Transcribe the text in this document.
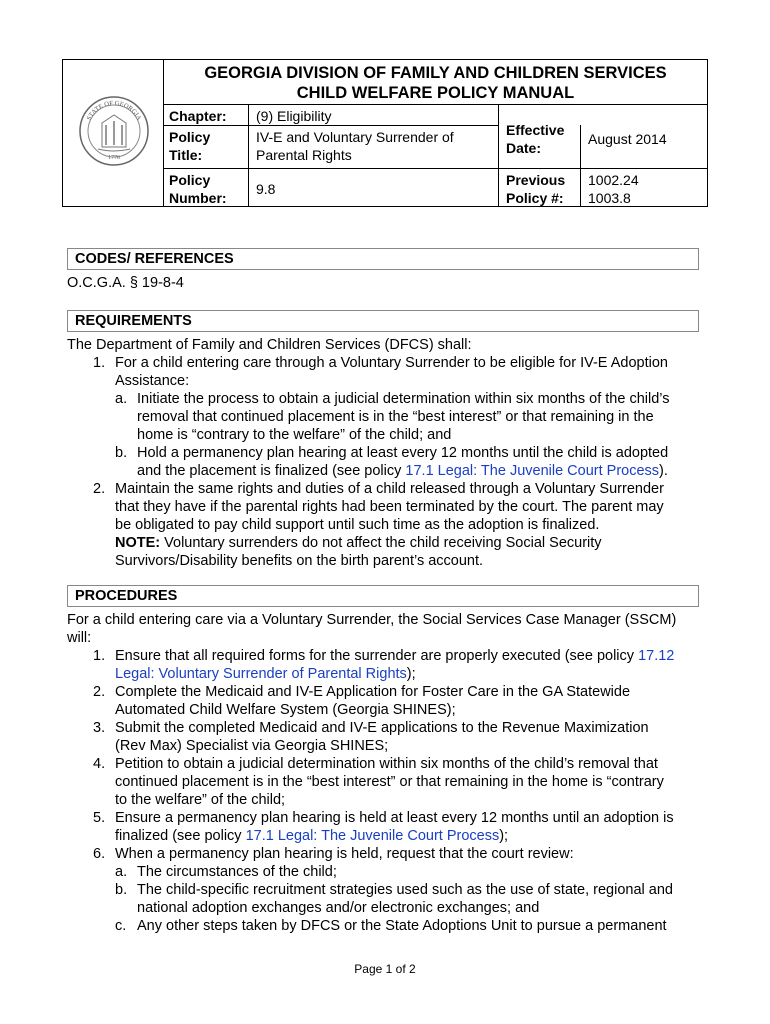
STATE OF GEORGIA
1776
GEORGIA DIVISION OF FAMILY AND CHILDREN SERVICES
CHILD WELFARE POLICY MANUAL
Chapter:
Policy
Title:
Policy
Number:
(9) Eligibility
IV-E and Voluntary Surrender of
Parental Rights
9.8
Effective
Date:
August 2014
Previous
Policy #:
1002.24
1003.8
CODES/ REFERENCES
O.C.G.A. § 19-8-4
REQUIREMENTS
The Department of Family and Children Services (DFCS) shall:
1. For a child entering care through a Voluntary Surrender to be eligible for IV-E Adoption
Assistance:
a. Initiate the process to obtain a judicial determination within six months of the child’s
removal that continued placement is in the “best interest” or that remaining in the
home is “contrary to the welfare” of the child; and
b. Hold a permanency plan hearing at least every 12 months until the child is adopted
and the placement is finalized (see policy 17.1 Legal: The Juvenile Court Process).
2. Maintain the same rights and duties of a child released through a Voluntary Surrender
that they have if the parental rights had been terminated by the court. The parent may
be obligated to pay child support until such time as the adoption is finalized.
NOTE: Voluntary surrenders do not affect the child receiving Social Security
Survivors/Disability benefits on the birth parent’s account.
PROCEDURES
For a child entering care via a Voluntary Surrender, the Social Services Case Manager (SSCM)
will:
1. Ensure that all required forms for the surrender are properly executed (see policy 17.12
Legal: Voluntary Surrender of Parental Rights);
2. Complete the Medicaid and IV-E Application for Foster Care in the GA Statewide
Automated Child Welfare System (Georgia SHINES);
3. Submit the completed Medicaid and IV-E applications to the Revenue Maximization
(Rev Max) Specialist via Georgia SHINES;
4. Petition to obtain a judicial determination within six months of the child’s removal that
continued placement is in the “best interest” or that remaining in the home is “contrary
to the welfare” of the child;
5. Ensure a permanency plan hearing is held at least every 12 months until an adoption is
finalized (see policy 17.1 Legal: The Juvenile Court Process);
6. When a permanency plan hearing is held, request that the court review:
a. The circumstances of the child;
b. The child-specific recruitment strategies used such as the use of state, regional and
national adoption exchanges and/or electronic exchanges; and
c. Any other steps taken by DFCS or the State Adoptions Unit to pursue a permanent
Page 1 of 2
